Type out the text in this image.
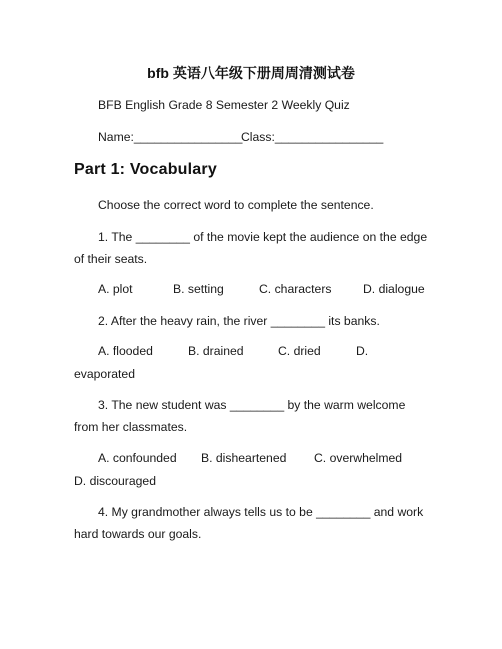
bfb 英语八年级下册周周清测试卷
BFB English Grade 8 Semester 2 Weekly Quiz
Name:________________
Class:________________
Part 1: Vocabulary
Choose the correct word to complete the sentence.
1. The ________ of the movie kept the audience on the edge
of their seats.
A. plot	B. setting	C. characters	D. dialogue
2. After the heavy rain, the river ________ its banks.
A. flooded	B. drained	C. dried	D.
evaporated
3. The new student was ________ by the warm welcome
from her classmates.
A. confounded B. disheartened C. overwhelmed
D. discouraged
4. My grandmother always tells us to be ________ and work
hard towards our goals.
